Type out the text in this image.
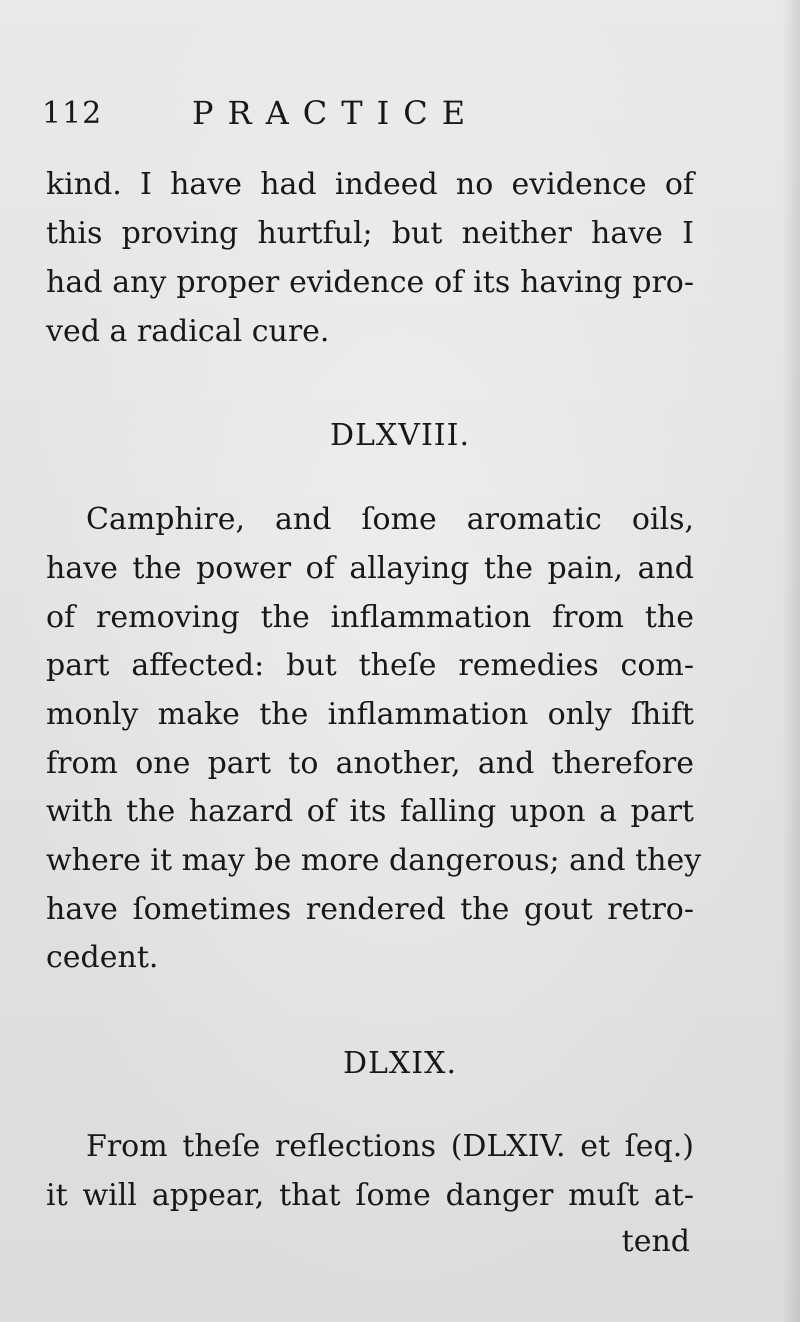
112	PRACTICE
kind. I have had indeed no evidence of
this proving hurtful; but neither have I
had any proper evidence of its having pro-
ved a radical cure.
DLXVIII.
Camphire, and ſome aromatic oils,
have the power of allaying the pain, and
of removing the inflammation from the
part affected: but theſe remedies com-
monly make the inflammation only ſhift
from one part to another, and therefore
with the hazard of its falling upon a part
where it may be more dangerous; and they
have ſometimes rendered the gout retro-
cedent.
DLXIX.
From theſe reflections (DLXIV. et ſeq.)
it will appear, that ſome danger muſt at-
tend
